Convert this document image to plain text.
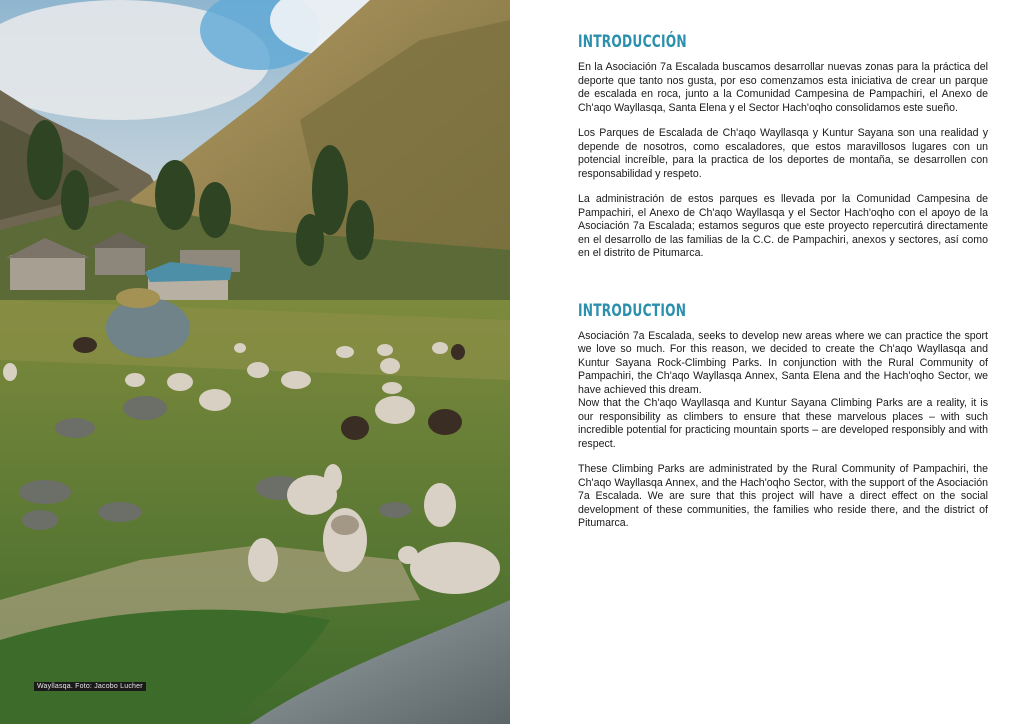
Wayllasqa. Foto: Jacobo Lucher
INTRODUCCIÓN

En la Asociación 7a Escalada buscamos desarrollar nuevas zonas para la práctica del deporte que tanto nos gusta, por eso comenzamos esta iniciativa de crear un parque de escalada en roca, junto a la Comunidad Campesina de Pampachiri, el Anexo de Ch'aqo Wayllasqa, Santa Elena y el Sector Hach'oqho consolidamos este sueño.

Los Parques de Escalada de Ch'aqo Wayllasqa y Kuntur Sayana son una realidad y depende de nosotros, como escaladores, que estos maravillosos lugares con un potencial increíble, para la practica de los deportes de montaña, se desarrollen con responsabilidad y respeto.

La administración de estos parques es llevada por la Comunidad Campesina de Pampachiri, el Anexo de Ch'aqo Wayllasqa y el Sector Hach'oqho con el apoyo de la Asociación 7a Escalada; estamos seguros que este proyecto repercutirá directamente en el desarrollo de las familias de la C.C. de Pampachiri, anexos y sectores, así como en el distrito de Pitumarca.

INTRODUCTION

Asociación 7a Escalada, seeks to develop new areas where we can practice the sport we love so much. For this reason, we decided to create the Ch'aqo Wayllasqa and Kuntur Sayana Rock-Climbing Parks. In conjunction with the Rural Community of Pampachiri, the Ch'aqo Wayllasqa Annex, Santa Elena and the Hach'oqho Sector, we have achieved this dream.

Now that the Ch'aqo Wayllasqa and Kuntur Sayana Climbing Parks are a reality, it is our responsibility as climbers to ensure that these marvelous places – with such incredible potential for practicing mountain sports – are developed responsibly and with respect.

These Climbing Parks are administrated by the Rural Community of Pampachiri, the Ch'aqo Wayllasqa Annex, and the Hach'oqho Sector, with the support of the Asociación 7a Escalada. We are sure that this project will have a direct effect on the social development of these communities, the families who reside there, and the district of Pitumarca.
